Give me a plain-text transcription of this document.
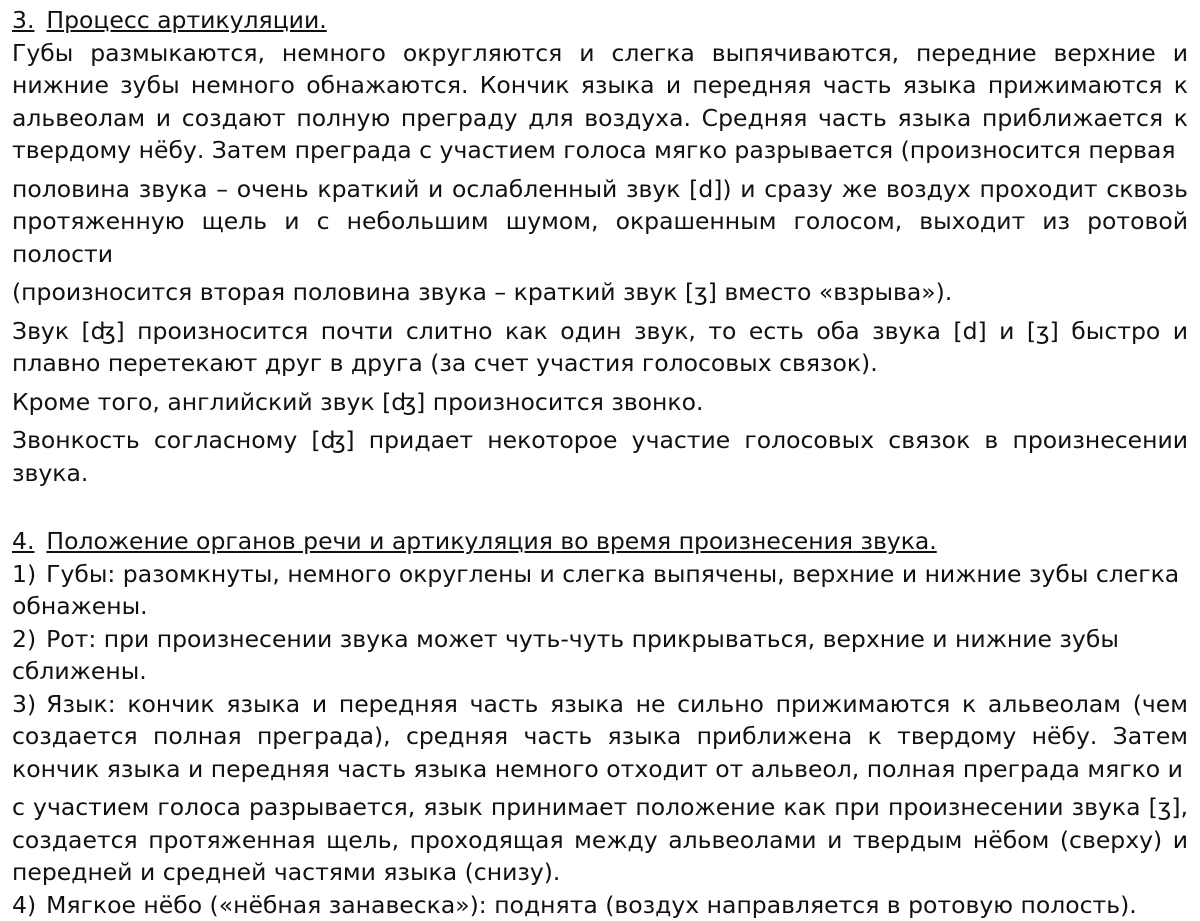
3. Процесс артикуляции.

Губы размыкаются, немного округляются и слегка выпячиваются, передние верхние и нижние зубы немного обнажаются. Кончик языка и передняя часть языка прижимаются к альвеолам и создают полную преграду для воздуха. Средняя часть языка приближается к твердому нёбу. Затем преграда с участием голоса мягко разрывается (произносится первая

половина звука – очень краткий и ослабленный звук [d]) и сразу же воздух проходит сквозь протяженную щель и с небольшим шумом, окрашенным голосом, выходит из ротовой полости

(произносится вторая половина звука – краткий звук [ʒ] вместо «взрыва»).

Звук [ʤ] произносится почти слитно как один звук, то есть оба звука [d] и [ʒ] быстро и плавно перетекают друг в друга (за счет участия голосовых связок).

Кроме того, английский звук [ʤ] произносится звонко.

Звонкость согласному [ʤ] придает некоторое участие голосовых связок в произнесении звука.

4. Положение органов речи и артикуляция во время произнесения звука.

1) Губы: разомкнуты, немного округлены и слегка выпячены, верхние и нижние зубы слегка обнажены.

2) Рот: при произнесении звука может чуть-чуть прикрываться, верхние и нижние зубы сближены.

3) Язык: кончик языка и передняя часть языка не сильно прижимаются к альвеолам (чем создается полная преграда), средняя часть языка приближена к твердому нёбу. Затем кончик языка и передняя часть языка немного отходит от альвеол, полная преграда мягко и

с участием голоса разрывается, язык принимает положение как при произнесении звука [ʒ], создается протяженная щель, проходящая между альвеолами и твердым нёбом (сверху) и передней и средней частями языка (снизу).

4) Мягкое нёбо («нёбная занавеска»): поднята (воздух направляется в ротовую полость).
